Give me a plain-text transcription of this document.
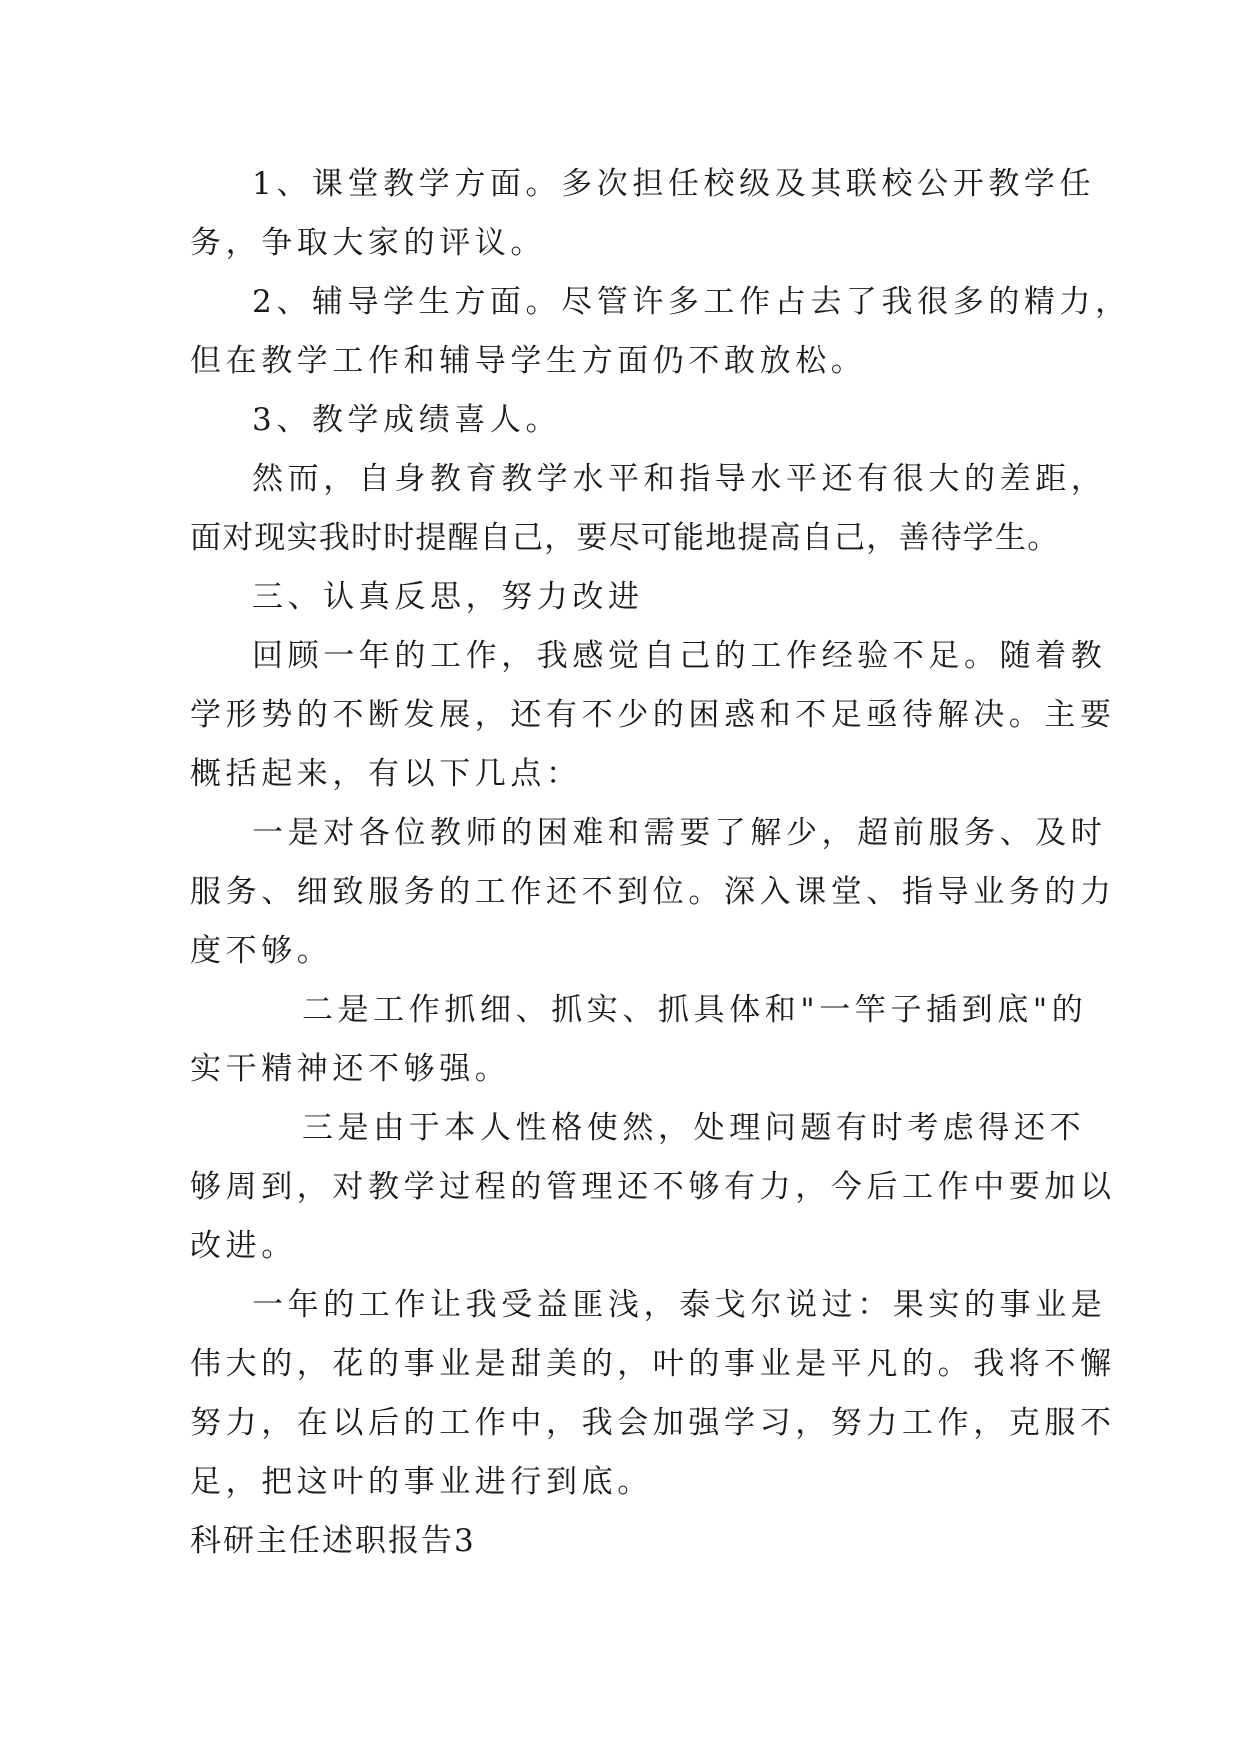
1、课堂教学方面。多次担任校级及其联校公开教学任
务，争取大家的评议。
2、辅导学生方面。尽管许多工作占去了我很多的精力，
但在教学工作和辅导学生方面仍不敢放松。
3、教学成绩喜人。
然而，自身教育教学水平和指导水平还有很大的差距，
面对现实我时时提醒自己，要尽可能地提高自己，善待学生。
三、认真反思，努力改进
回顾一年的工作，我感觉自己的工作经验不足。随着教
学形势的不断发展，还有不少的困惑和不足亟待解决。主要
概括起来，有以下几点：
一是对各位教师的困难和需要了解少，超前服务、及时
服务、细致服务的工作还不到位。深入课堂、指导业务的力
度不够。
二是工作抓细、抓实、抓具体和"一竿子插到底"的
实干精神还不够强。
三是由于本人性格使然，处理问题有时考虑得还不
够周到，对教学过程的管理还不够有力，今后工作中要加以
改进。
一年的工作让我受益匪浅，泰戈尔说过：果实的事业是
伟大的，花的事业是甜美的，叶的事业是平凡的。我将不懈
努力，在以后的工作中，我会加强学习，努力工作，克服不
足，把这叶的事业进行到底。
科研主任述职报告3
